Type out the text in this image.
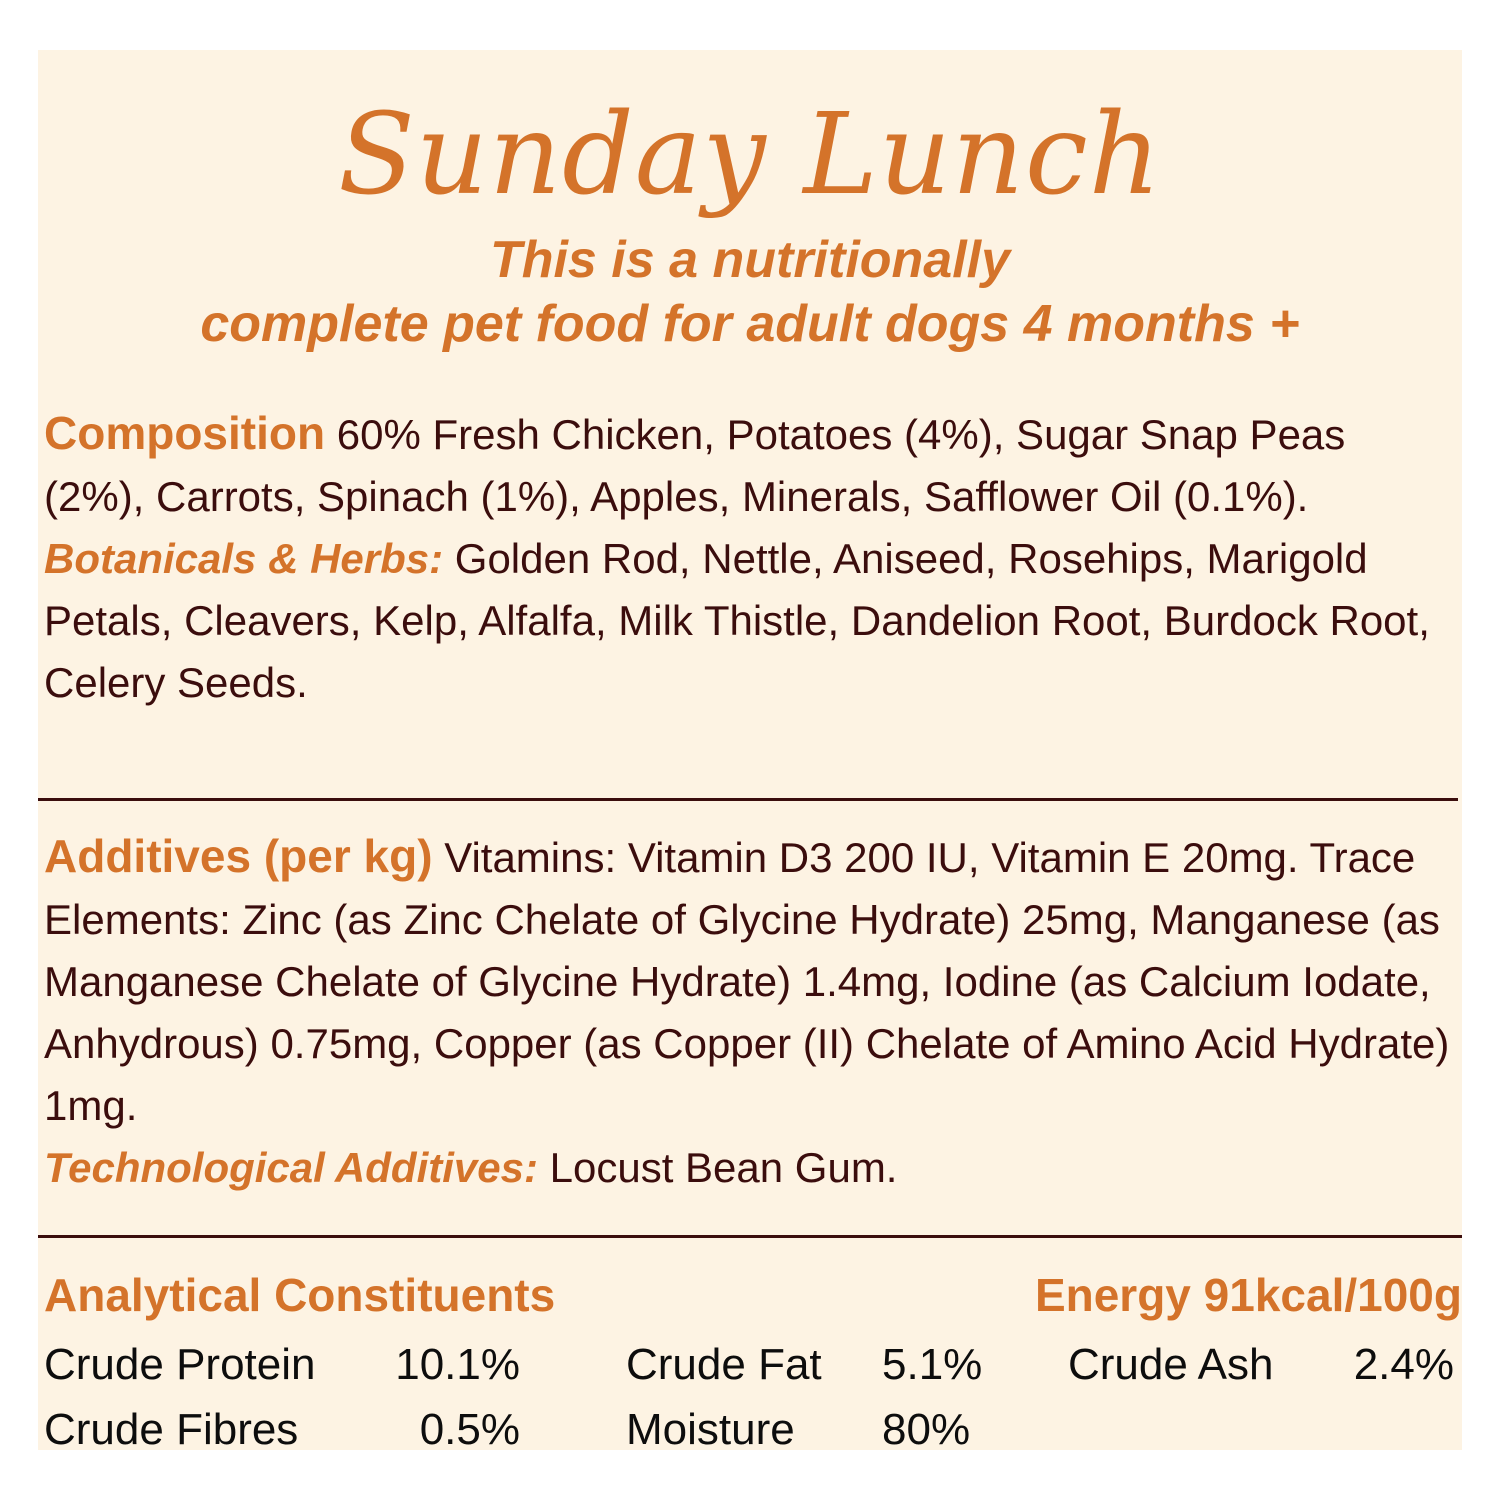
Sunday Lunch
This is a nutritionally
complete pet food for adult dogs 4 months +
Composition 60% Fresh Chicken, Potatoes (4%), Sugar Snap Peas (2%), Carrots, Spinach (1%), Apples, Minerals, Safflower Oil (0.1%).
Botanicals & Herbs: Golden Rod, Nettle, Aniseed, Rosehips, Marigold Petals, Cleavers, Kelp, Alfalfa, Milk Thistle, Dandelion Root, Burdock Root, Celery Seeds.
Additives (per kg) Vitamins: Vitamin D3 200 IU, Vitamin E 20mg. Trace Elements: Zinc (as Zinc Chelate of Glycine Hydrate) 25mg, Manganese (as Manganese Chelate of Glycine Hydrate) 1.4mg, Iodine (as Calcium Iodate, Anhydrous) 0.75mg, Copper (as Copper (II) Chelate of Amino Acid Hydrate) 1mg.
Technological Additives: Locust Bean Gum.
Analytical Constituents	Energy 91kcal/100g
Crude Protein	10.1% Crude Fat	5.1%	Crude Ash	2.4%
Crude Fibres	0.5% Moisture	80%
